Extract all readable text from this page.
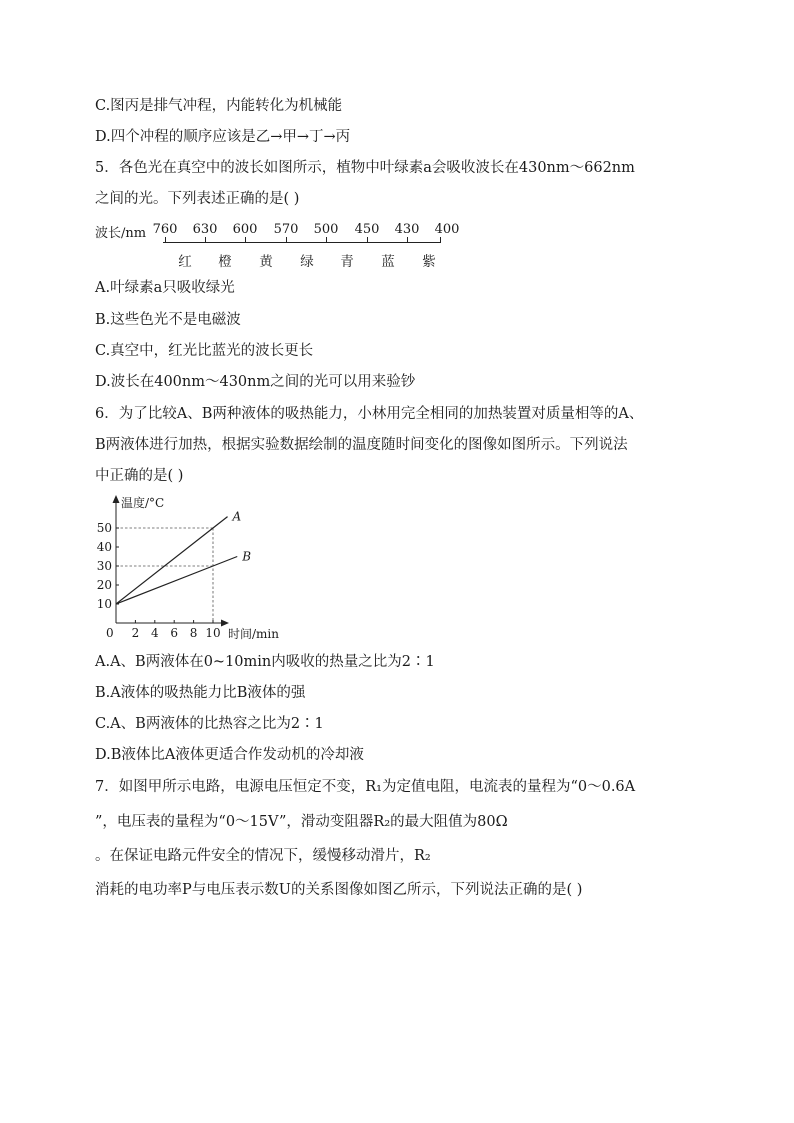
C.图丙是排气冲程，内能转化为机械能
D.四个冲程的顺序应该是乙→甲→丁→丙
5．各色光在真空中的波长如图所示，植物中叶绿素a会吸收波长在430nm～662nm
之间的光。下列表述正确的是( )
波长/nm 760 630 600 570 500 450 430 400
红 橙 黄 绿 青 蓝 紫
A.叶绿素a只吸收绿光
B.这些色光不是电磁波
C.真空中，红光比蓝光的波长更长
D.波长在400nm～430nm之间的光可以用来验钞
6．为了比较A、B两种液体的吸热能力，小林用完全相同的加热装置对质量相等的A、
B两液体进行加热，根据实验数据绘制的温度随时间变化的图像如图所示。下列说法
中正确的是( )
温度/°C
时间/min
0 2 4 6 8 10
10
20
30
40
50
A
B
A.A、B两液体在0~10min内吸收的热量之比为2∶1
B.A液体的吸热能力比B液体的强
C.A、B两液体的比热容之比为2∶1
D.B液体比A液体更适合作发动机的冷却液
7．如图甲所示电路，电源电压恒定不变，R₁为定值电阻，电流表的量程为“0～0.6A
”，电压表的量程为“0～15V”，滑动变阻器R₂的最大阻值为80Ω
。在保证电路元件安全的情况下，缓慢移动滑片，R₂
消耗的电功率P与电压表示数U的关系图像如图乙所示，下列说法正确的是( )
